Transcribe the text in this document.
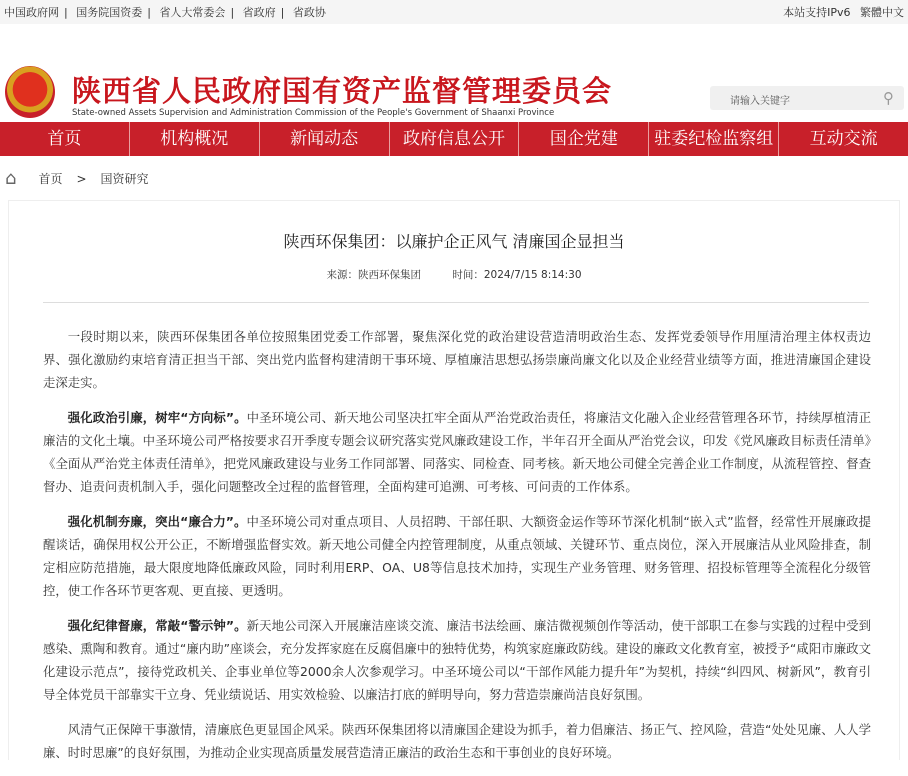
中国政府网 | 国务院国资委 | 省人大常委会 | 省政府 | 省政协	本站支持IPv6 繁體中文
陕西省人民政府国有资产监督管理委员会
State-owned Assets Supervision and Administration Commission of the People's Government of Shaanxi Province
请输入关键字	⚲
首页	机构概况	新闻动态	政府信息公开	国企党建	驻委纪检监察组	互动交流
⌂ 首页 > 国资研究
陕西环保集团：以廉护企正风气 清廉国企显担当
来源：陕西环保集团	时间：2024/7/15 8:14:30

一段时期以来，陕西环保集团各单位按照集团党委工作部署，聚焦深化党的政治建设营造清明政治生态、发挥党委领导作用厘清治理主体权责边界、强化激励约束培育清正担当干部、突出党内监督构建清朗干事环境、厚植廉洁思想弘扬崇廉尚廉文化以及企业经营业绩等方面，推进清廉国企建设走深走实。

强化政治引廉，树牢“方向标”。中圣环境公司、新天地公司坚决扛牢全面从严治党政治责任，将廉洁文化融入企业经营管理各环节，持续厚植清正廉洁的文化土壤。中圣环境公司严格按要求召开季度专题会议研究落实党风廉政建设工作，半年召开全面从严治党会议，印发《党风廉政目标责任清单》《全面从严治党主体责任清单》，把党风廉政建设与业务工作同部署、同落实、同检查、同考核。新天地公司健全完善企业工作制度，从流程管控、督查督办、追责问责机制入手，强化问题整改全过程的监督管理，全面构建可追溯、可考核、可问责的工作体系。

强化机制夯廉，突出“廉合力”。中圣环境公司对重点项目、人员招聘、干部任职、大额资金运作等环节深化机制“嵌入式”监督，经常性开展廉政提醒谈话，确保用权公开公正，不断增强监督实效。新天地公司健全内控管理制度，从重点领域、关键环节、重点岗位，深入开展廉洁从业风险排查，制定相应防范措施，最大限度地降低廉政风险，同时利用ERP、OA、U8等信息技术加持，实现生产业务管理、财务管理、招投标管理等全流程化分级管控，使工作各环节更客观、更直接、更透明。

强化纪律督廉，常敲“警示钟”。新天地公司深入开展廉洁座谈交流、廉洁书法绘画、廉洁微视频创作等活动，使干部职工在参与实践的过程中受到感染、熏陶和教育。通过“廉内助”座谈会，充分发挥家庭在反腐倡廉中的独特优势，构筑家庭廉政防线。建设的廉政文化教育室，被授予“咸阳市廉政文化建设示范点”，接待党政机关、企事业单位等2000余人次参观学习。中圣环境公司以“干部作风能力提升年”为契机，持续“纠四风、树新风”，教育引导全体党员干部靠实干立身、凭业绩说话、用实效检验、以廉洁打底的鲜明导向，努力营造崇廉尚洁良好氛围。

风清气正保障干事激情，清廉底色更显国企风采。陕西环保集团将以清廉国企建设为抓手，着力倡廉洁、扬正气、控风险，营造“处处见廉、人人学廉、时时思廉”的良好氛围，为推动企业实现高质量发展营造清正廉洁的政治生态和干事创业的良好环境。
